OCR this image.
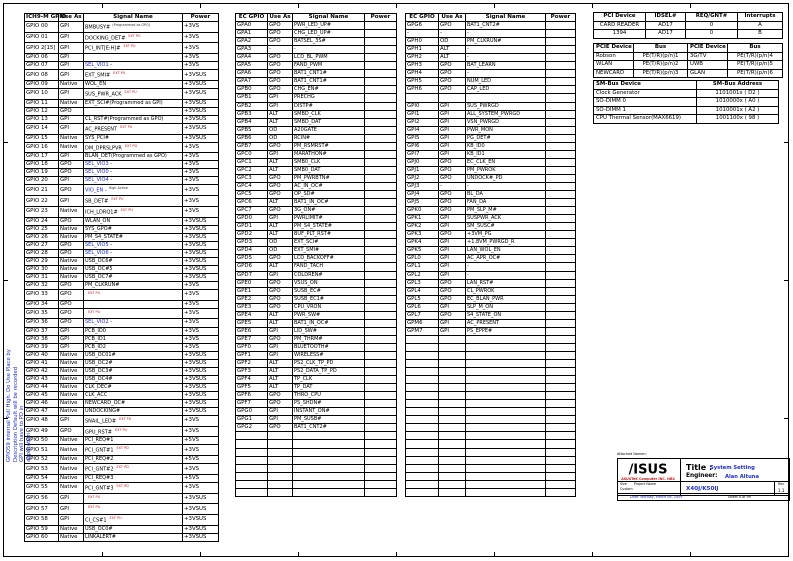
ICH9-M GPIO	Use As	Signal Name	Power
GPIO 00	GPI	BMBUSY# $^{(Programmed as GPO)}$	+3VS
GPIO 01	GPI	DOCKING_DET# $^{EXT PU}$	+3VS
GPIO 2[15]	GPI	PCI_INT[E:H]# $^{EXT PU}$	+3VS
GPIO 06	GPI		+3VS
GPIO 07	GPI	SEL_VIO1 -	+3VS
GPIO 08	GPI	EXT_SMI# $^{EXT PU}$	+3VSUS
GPIO 09	Native	WOL_EN	+3VSUS
GPIO 10	GPI	SUS_PWR_ACK $^{EXT PU}$	+3VSUS
GPIO 11	Native	EXT_SCI#(Programmed as GPI)	+3VSUS
GPIO 12	GPO		+3VSUS
GPIO 13	GPI	CL_RST#(Programmed as GPO)	+3VSUS
GPIO 14	GPI	AC_PRESENT $^{EXT PU}$	+3VSUS
GPIO 15	Native	SYS_PCI#	+3VSUS
GPIO 16	Native	DM_DPRSLPVR $^{EXT PD}$	+3VS
GPIO 17	GPI	BLAN_DET(Programmed as GPO)	+3VS
GPIO 18	GPO	SEL_VIO3 -	+3VS
GPIO 19	GPO	SEL_VIO0 -	+3VS
GPIO 20	GPI	SEL_VIO4 -	+3VS
GPIO 21	GPO	VIO_EN - $^{High Active}$	+3VS
GPIO 22	GPI	SB_DET# $^{EXT PU}$	+3VS
GPIO 23	Native	ICH_LDRQ1# $^{EXT PU}$	+3VS
GPIO 24	GPO	WLAN_ON	+3VSUS
GPIO 25	Native	SYS_GPO#	+3VSUS
GPIO 26	Native	PM_S4_STATE#	+3VSUS
GPIO 27	GPO	SEL_VIO5 -	+3VSUS
GPIO 28	GPO	SEL_VIO6 -	+3VSUS
GPIO 29	Native	USB_OC6#	+3VSUS
GPIO 30	Native	USB_OC#5	+3VSUS
GPIO 31	Native	USB_OC7#	+3VSUS
GPIO 32	GPO	PM_CLKRUN#	+3VS
GPIO 33	GPO	$^{EXT PU}$	+3VS
GPIO 34	GPO		+3VS
GPIO 35	GPO	$^{EXT PU}$	+3VS
GPIO 36	GPO	SEL_VIO2 -	+3VS
GPIO 37	GPI	PCB_ID0	+3VS
GPIO 38	GPI	PCB_ID1	+3VS
GPIO 39	GPI	PCB_ID2	+3VS
GPIO 40	Native	USB_OC01#	+3VSUS
GPIO 41	Native	USB_OC2#	+3VSUS
GPIO 42	Native	USB_OC3#	+3VSUS
GPIO 43	Native	USB_OC4#	+3VSUS
GPIO 44	Native	CLK_DEC#	+3VSUS
GPIO 45	Native	CLK_ACC	+3VSUS
GPIO 46	Native	NEWCARD_OC#	+3VSUS
GPIO 47	Native	UNDOCKING#	+3VSUS
GPIO 48	GPI	SNAIL_LED# $^{EXT PU}$	+3VS
GPIO 49	GPO	GPU_RST# $^{EXT PU}$	+3VS
GPIO 50	Native	PCI_REQ#1	+5VS
GPIO 51	Native	PCI_GNT#1 $^{EXT PD}$	+3VS
GPIO 52	Native	PCI_REQ#2	+5VS
GPIO 53	Native	PCI_GNT#2 $^{EXT PD}$	+3VS
GPIO 54	Native	PCI_REQ#3	+5VS
GPIO 55	Native	PCI_GNT#3 $^{EXT PD}$	+3VS
GPIO 56	GPI	$^{EXT PU}$	+3VSUS
GPIO 57	GPI	$^{EXT PU}$	+3VSUS
GPIO 58	GPI	CI_CS#1 $^{EXT PU}$	+3VSUS
GPIO 59	Native	USB_OC0#	+3VSUS
GPIO 60	Native	LINKALERT#	+3VSUS
EC GPIO	Use As	Signal Name	Power
GPA0	GPO	PWR_LED_UP#	
GPA1	GPO	CHG_LED_UP#	
GPA2	GPO	BATSEL_3S#	
GPA3	-	-	
GPA4	GPO	LCD_BL_PWM	
GPA5	GPO	FAND_PWM	
GPA6	GPO	BAT1_CNT1#	
GPA7	GPO	BAT1_CNT1#	
GPB0	GPO	CHG_EN#	
GPB1	GPI	PRECHG	
GPB2	GPI	DISTP#	
GPB3	ALT	SMBD_CLK	
GPB4	ALT	SMBD_DAT	
GPB5	OD	A20GATE	
GPB6	OD	RCIN#	
GPB7	GPO	PM_RSMRST#	
GPC0	GPI	MARATHON#	
GPC1	ALT	SMB0_CLK	
GPC2	ALT	SMB0_DAT	
GPC3	GPO	PM_PWRBTN#	
GPC4	GPO	AC_IN_OC#	
GPC5	GPO	OP_SD#	
GPC6	ALT	BAT1_IN_OC#	
GPC7	GPO	3G_ON#	
GPD0	GPI	PWRLIMIT#	
GPD1	ALT	PM_S4_STATE#	
GPD2	ALT	BUF_PLT_RST#	
GPD3	OD	EXT_SCI#	
GPD4	OD	EXT_SMI#	
GPD5	GPO	LCD_BACKOFF#	
GPD6	ALT	FAND_TACH	
GPD7	GPI	COLDREN#	
GPE0	GPO	VSUS_ON	
GPE1	GPO	SUSB_EC#	
GPE2	GPO	SUSB_EC1#	
GPE3	GPO	CPU_VRON	
GPE4	ALT	PWR_SW#	
GPE5	ALT	BAT1_IN_OC#	
GPE6	GPI	LID_SW#	
GPE7	GPO	PM_THRM#	
GPF0	GPI	BLUETOOTH#	
GPF1	GPI	WIRELESS#	
GPF2	ALT	PS2_CLK_TP_PD	
GPF3	ALT	PS2_DATA_TP_PD	
GPF4	ALT	TP_CLK	
GPF5	ALT	TP_DAT	
GPF6	GPO	THRO_CPU	
GPF7	GPO	PS_SHDN#	
GPG0	GPI	INSTANT_ON#	
GPG1	GPI	PM_SUSB#	
GPG2	GPO	BAT1_CNT2#	

EC GPIO	Use As	Signal Name	Power
GPG6	GPO	BAT1_CNT2#	
-	-	-	
GPH0	OD	PM_CLKRUN#	
GPH1	ALT	-	
GPH2	ALT	-	
GPH3	GPO	BAT_LEARN	
GPH4	GPO	-	
GPH5	GPO	NUM_LED	
GPH6	GPO	CAP_LED	

GPI0	GPI	SUS_PWRGD	
GPI1	GPI	ALL_SYSTEM_PWRGD	
GPI2	GPI	VSN_PWRGD	
GPI4	GPI	PWR_MON	
GPI5	GPI	PG_DET#	
GPI6	GPI	KB_ID0	
GPI7	GPI	KB_ID1	
GPJ0	GPO	EC_CLK_EN	
GPJ1	GPO	PM_PWROK	
GPJ2	GPO	UNDOCK#_PD	
GPJ3	-	-	
GPJ4	GPO	BL_DA	
GPJ5	GPO	FAN_DA	
GPK0	GPO	PM_SLP_M#	
GPK1	GPI	SUSPWR_ACK	
GPK2	GPI	SM_SUSC#	
GPK3	GPO	+3VM_PG	
GPK4	GPI	+1.8VM_PWRGD_R	
GPK5	GPI	LAN_WOL_EN	
GPL0	GPI	AC_APR_OC#	
GPL1	GPI	-	
GPL2	GPI	-	
GPL3	GPO	LAN_RST#	
GPL4	GPO	CL_PWROK	
GPL5	GPO	EC_BLAN_PWR	
GPL6	GPI	SLP_M_ON	
GPL7	GPO	S4_STATE_ON	
GPM6	GPI	AC_PRESENT	
GPM7	GPI	PS_EPPE#	

PCI Device	IDSEL#	REQ/GNT#	Interrupts
CARD READER	AD17	0	A
1394	AD17	0	B
PCIE Device	Bus	PCIE Device	Bus
Robson	PE(T/R)(p/n)1	3G/TV	PE(T/R)(p/n)4
WLAN	PE(T/R)(p/n)2	UWB	PE(T/R)(p/n)5
NEWCARD	PE(T/R)(p/n)3	GLAN	PE(T/R)(p/n)6
SM-Bus Device	SM-Bus Address
Clock Generator	1101001x ( D2 )
SO-DIMM 0	1010000x ( A0 )
SO-DIMM 1	1010001x ( A2 )
CPU Thermal Sensor(MAX6619)	1001100x ( 98 )
GPIO59 internal Pull High. Do Use Place by Description Default will be recorded GPI will have to PD in application	Attached Namen:
/ISUS
ASUSTeK Computer INC. NB4
Title :
System Setting
Engineer: Alan Altuna
Size Project Name
Custom	X40J/K50IJ
Rev
1.1
Date: Monday, March 08, 2009	Sheet 4 of 99
